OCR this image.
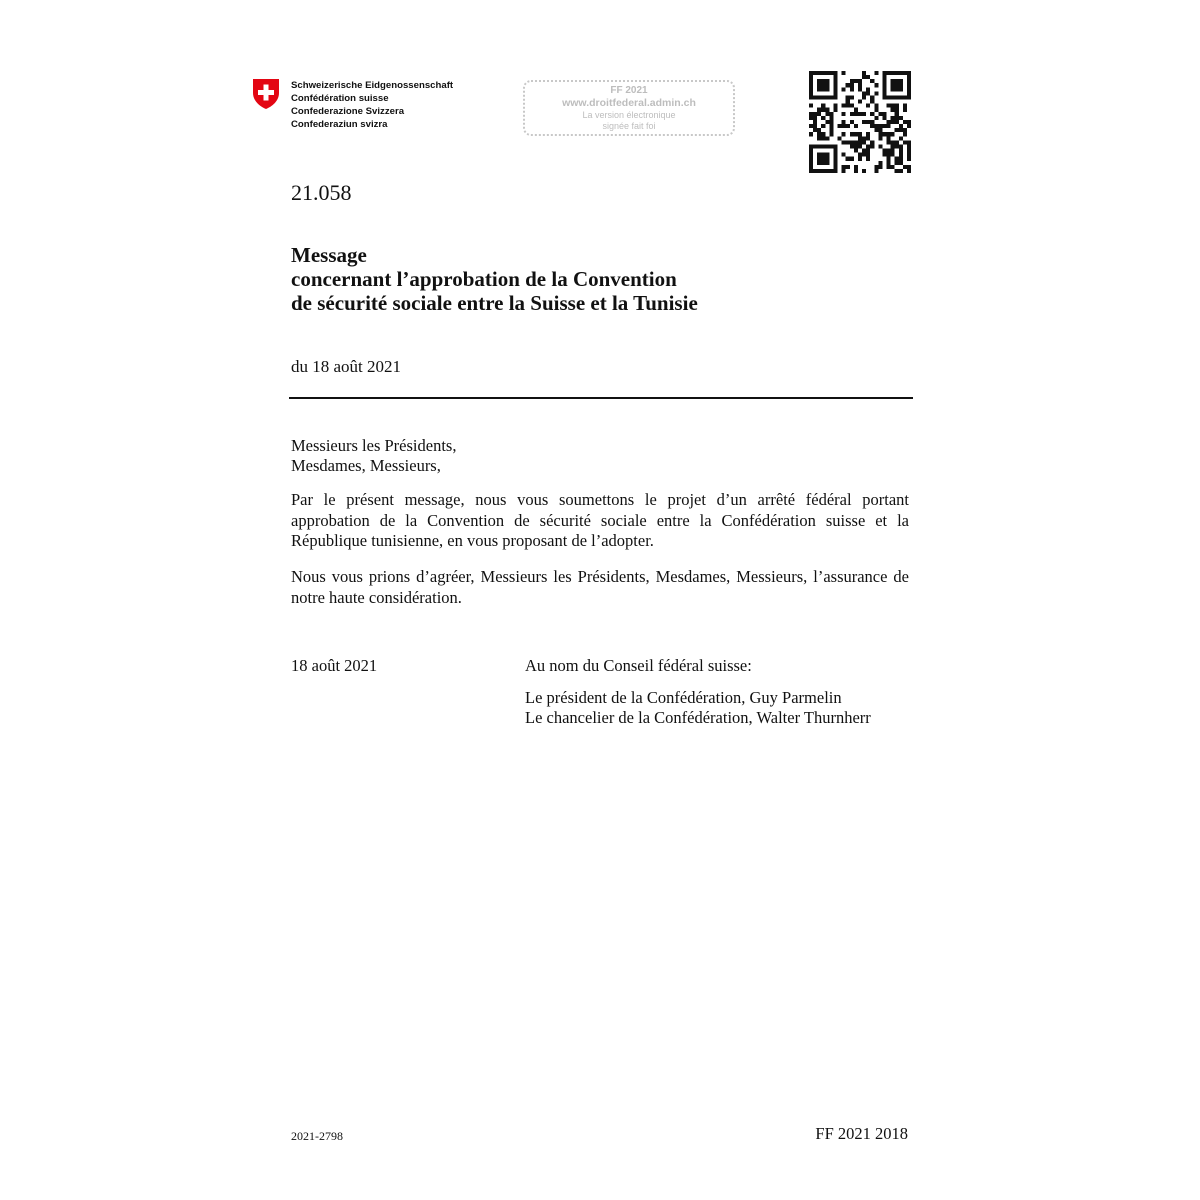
Schweizerische Eidgenossenschaft
Confédération suisse
Confederazione Svizzera
Confederaziun svizra
FF 2021
www.droitfederal.admin.ch
La version électronique
signée fait foi
21.058
Message
concernant l’approbation de la Convention
de sécurité sociale entre la Suisse et la Tunisie
du 18 août 2021
Messieurs les Présidents,
Mesdames, Messieurs,
Par le présent message, nous vous soumettons le projet d’un arrêté fédéral portant approbation de la Convention de sécurité sociale entre la Confédération suisse et la République tunisienne, en vous proposant de l’adopter.
Nous vous prions d’agréer, Messieurs les Présidents, Mesdames, Messieurs, l’assurance de notre haute considération.
18 août 2021	Au nom du Conseil fédéral suisse:
Le président de la Confédération, Guy Parmelin
Le chancelier de la Confédération, Walter Thurnherr
2021-2798	FF 2021 2018
